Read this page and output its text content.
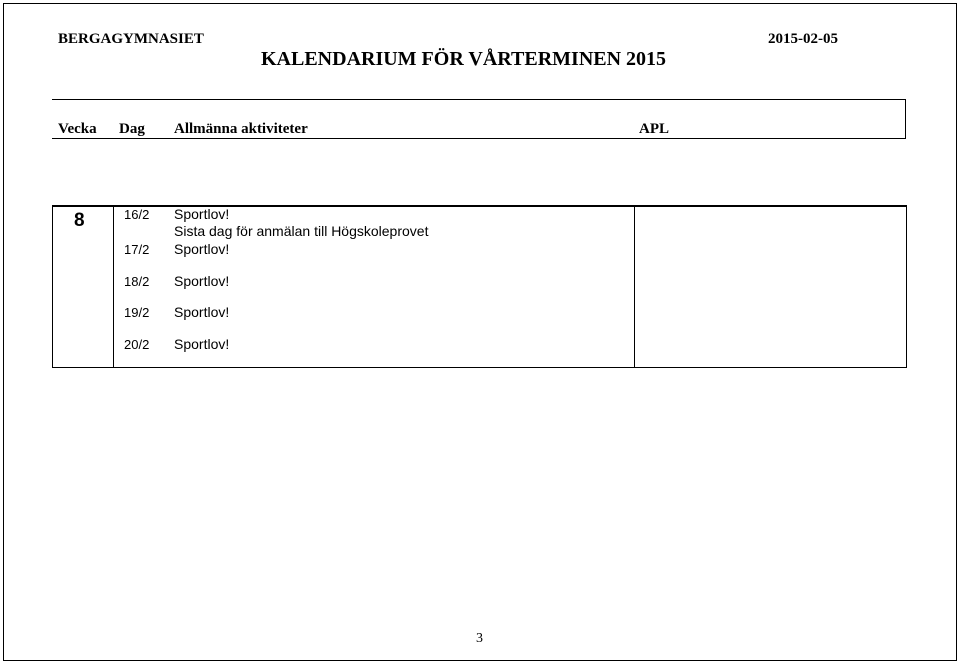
BERGAGYMNASIET	2015-02-05
KALENDARIUM FÖR VÅRTERMINEN 2015
Vecka Dag Allmänna aktiviteter	APL
8	16/2 Sportlov!
Sista dag för anmälan till Högskoleprovet
17/2 Sportlov!
18/2 Sportlov!
19/2 Sportlov!
20/2 Sportlov!
3
